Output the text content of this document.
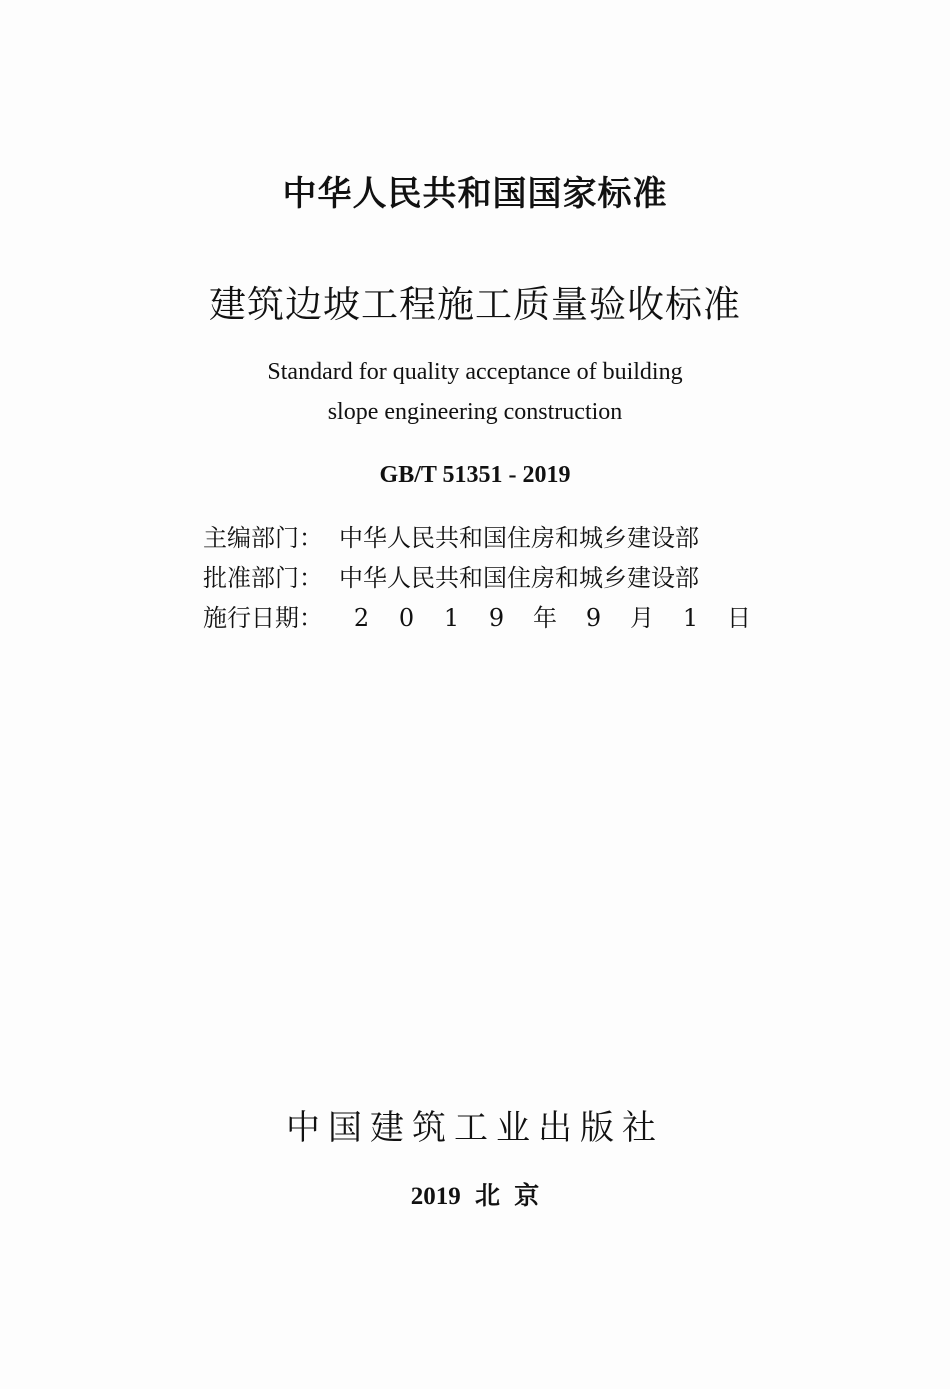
中华人民共和国国家标准
建筑边坡工程施工质量验收标准
Standard for quality acceptance of building
slope engineering construction
GB/T 51351 - 2019
主编部门： 中华人民共和国住房和城乡建设部
批准部门： 中华人民共和国住房和城乡建设部
施行日期：	2	0	1	9	年	9	月	1	日
中国建筑工业出版社
2019 北 京
